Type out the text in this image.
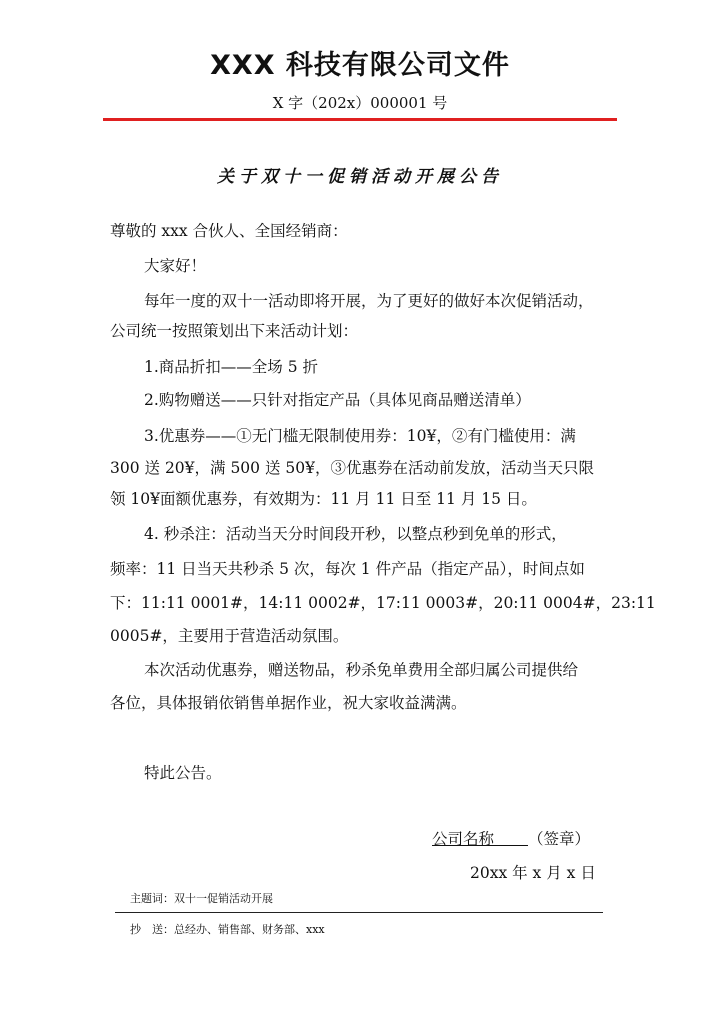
XXX 科技有限公司文件
X 字（202x）000001 号
关于双十一促销活动开展公告
尊敬的 xxx 合伙人、全国经销商：
大家好！
每年一度的双十一活动即将开展，为了更好的做好本次促销活动，
公司统一按照策划出下来活动计划：
1.商品折扣——全场 5 折
2.购物赠送——只针对指定产品（具体见商品赠送清单）
3.优惠券——①无门槛无限制使用券：10¥，②有门槛使用：满
300 送 20¥，满 500 送 50¥，③优惠券在活动前发放，活动当天只限
领 10¥面额优惠券，有效期为：11 月 11 日至 11 月 15 日。
4. 秒杀注：活动当天分时间段开秒，以整点秒到免单的形式，
频率：11 日当天共秒杀 5 次，每次 1 件产品（指定产品），时间点如
下：11:11 0001#，14:11 0002#，17:11 0003#，20:11 0004#，23:11
0005#，主要用于营造活动氛围。
本次活动优惠券，赠送物品，秒杀免单费用全部归属公司提供给
各位，具体报销依销售单据作业，祝大家收益满满。
特此公告。
公司名称 （签章）
20xx 年 x 月 x 日
主题词：双十一促销活动开展
抄　送：总经办、销售部、财务部、xxx
